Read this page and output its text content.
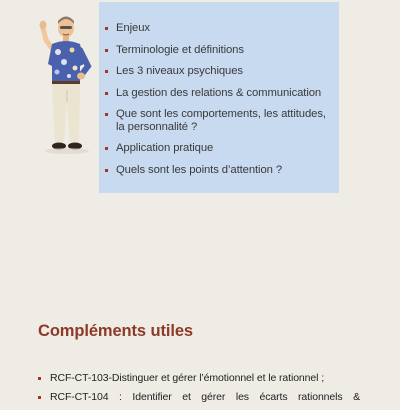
Enjeux
Terminologie et définitions
Les 3 niveaux psychiques
La gestion des relations & communication
Que sont les comportements, les attitudes, la personnalité ?
Application pratique
Quels sont les points d’attention ?
Compléments utiles
RCF-CT-103-Distinguer et gérer l’émotionnel et le rationnel ;
RCF-CT-104 : Identifier et gérer les écarts rationnels &
